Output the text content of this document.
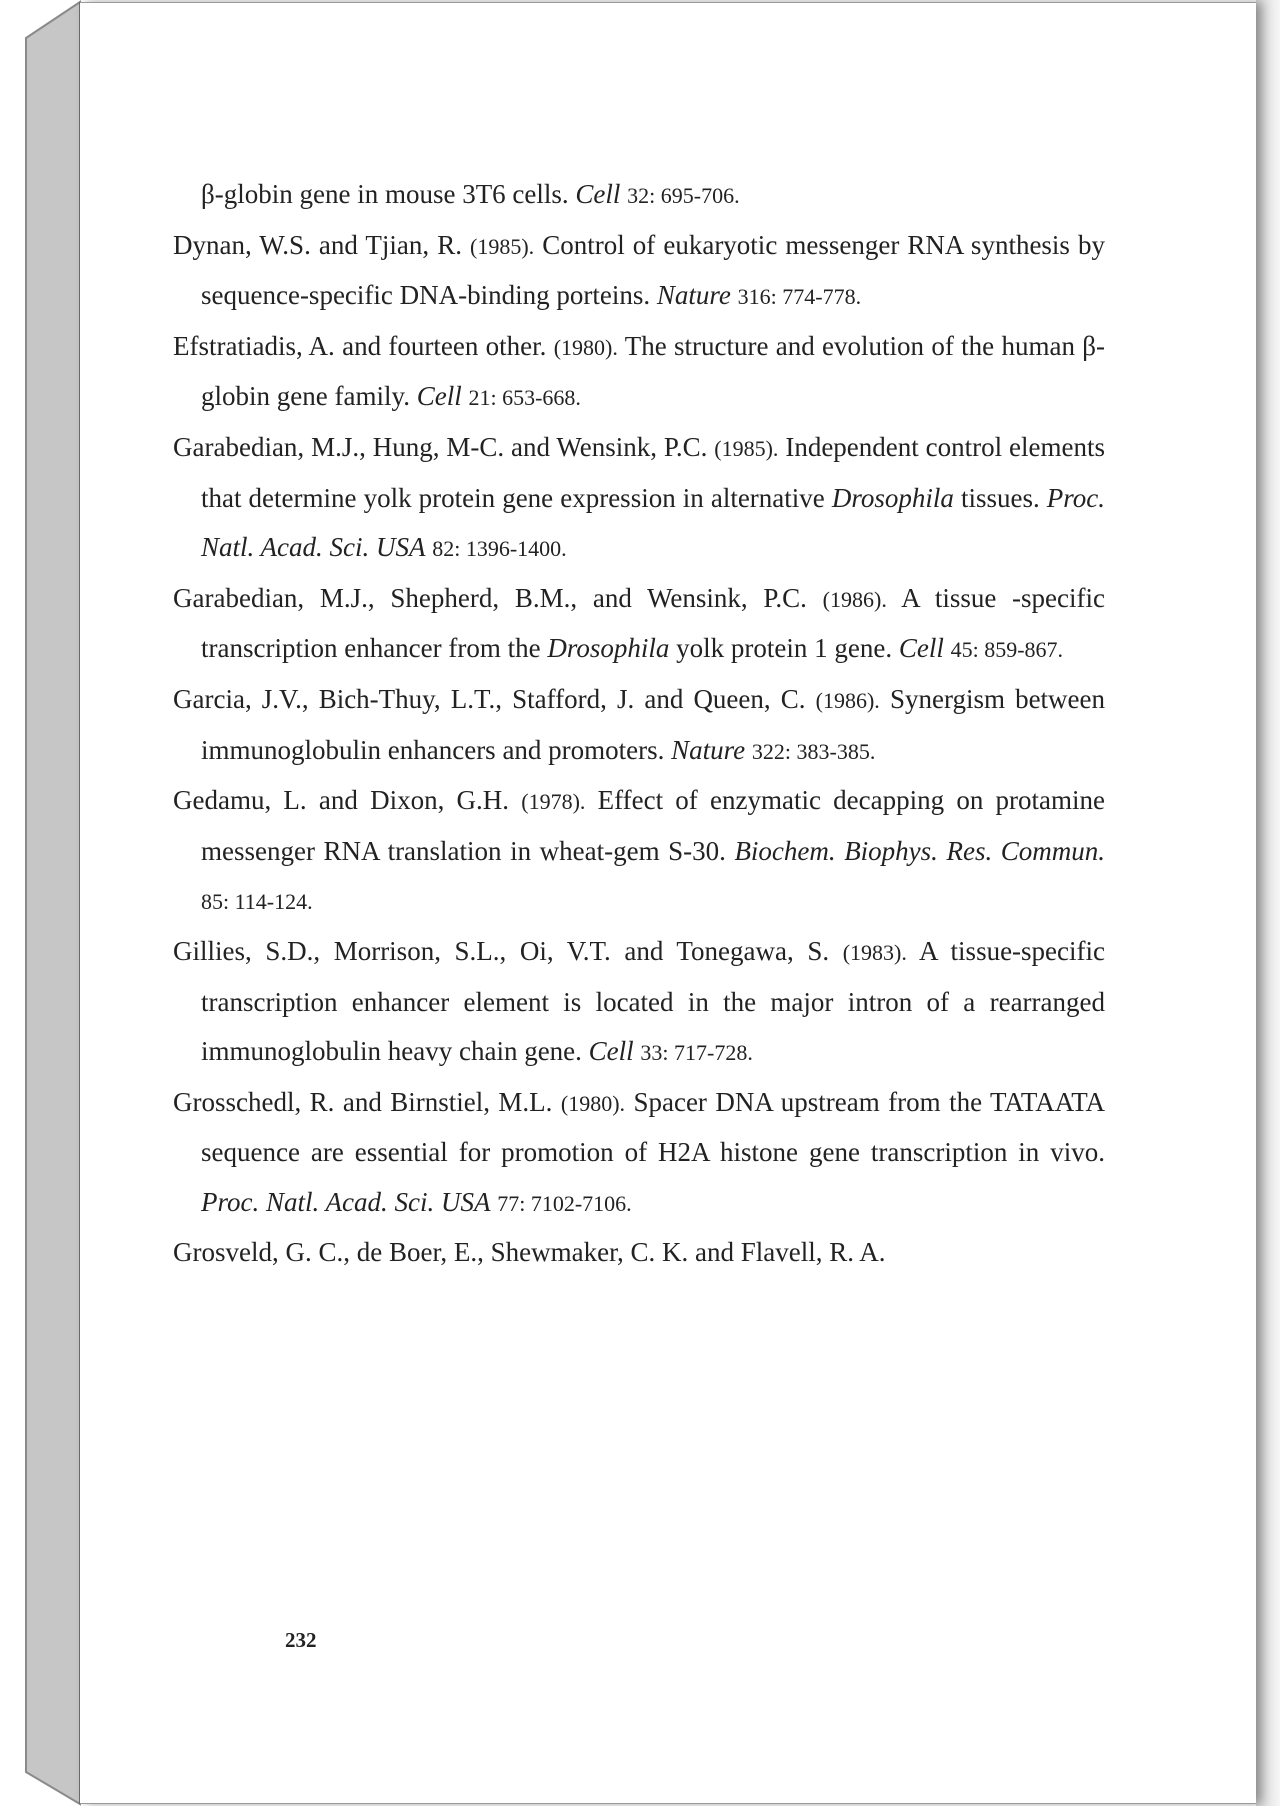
β-globin gene in mouse 3T6 cells. Cell 32: 695-706.
Dynan, W.S. and Tjian, R. (1985). Control of eukaryotic messenger RNA synthesis by sequence-specific DNA-binding porteins. Nature 316: 774-778.
Efstratiadis, A. and fourteen other. (1980). The structure and evolution of the human β-globin gene family. Cell 21: 653-668.
Garabedian, M.J., Hung, M-C. and Wensink, P.C. (1985). Independent control elements that determine yolk protein gene expression in alternative Drosophila tissues. Proc. Natl. Acad. Sci. USA 82: 1396-1400.
Garabedian, M.J., Shepherd, B.M., and Wensink, P.C. (1986). A tissue -specific transcription enhancer from the Drosophila yolk protein 1 gene. Cell 45: 859-867.
Garcia, J.V., Bich-Thuy, L.T., Stafford, J. and Queen, C. (1986). Synergism between immunoglobulin enhancers and promoters. Nature 322: 383-385.
Gedamu, L. and Dixon, G.H. (1978). Effect of enzymatic decapping on protamine messenger RNA translation in wheat-gem S-30. Biochem. Biophys. Res. Commun. 85: 114-124.
Gillies, S.D., Morrison, S.L., Oi, V.T. and Tonegawa, S. (1983). A tissue-specific transcription enhancer element is located in the major intron of a rearranged immunoglobulin heavy chain gene. Cell 33: 717-728.
Grosschedl, R. and Birnstiel, M.L. (1980). Spacer DNA upstream from the TATAATA sequence are essential for promotion of H2A histone gene transcription in vivo. Proc. Natl. Acad. Sci. USA 77: 7102-7106.
Grosveld, G. C., de Boer, E., Shewmaker, C. K. and Flavell, R. A.
232
